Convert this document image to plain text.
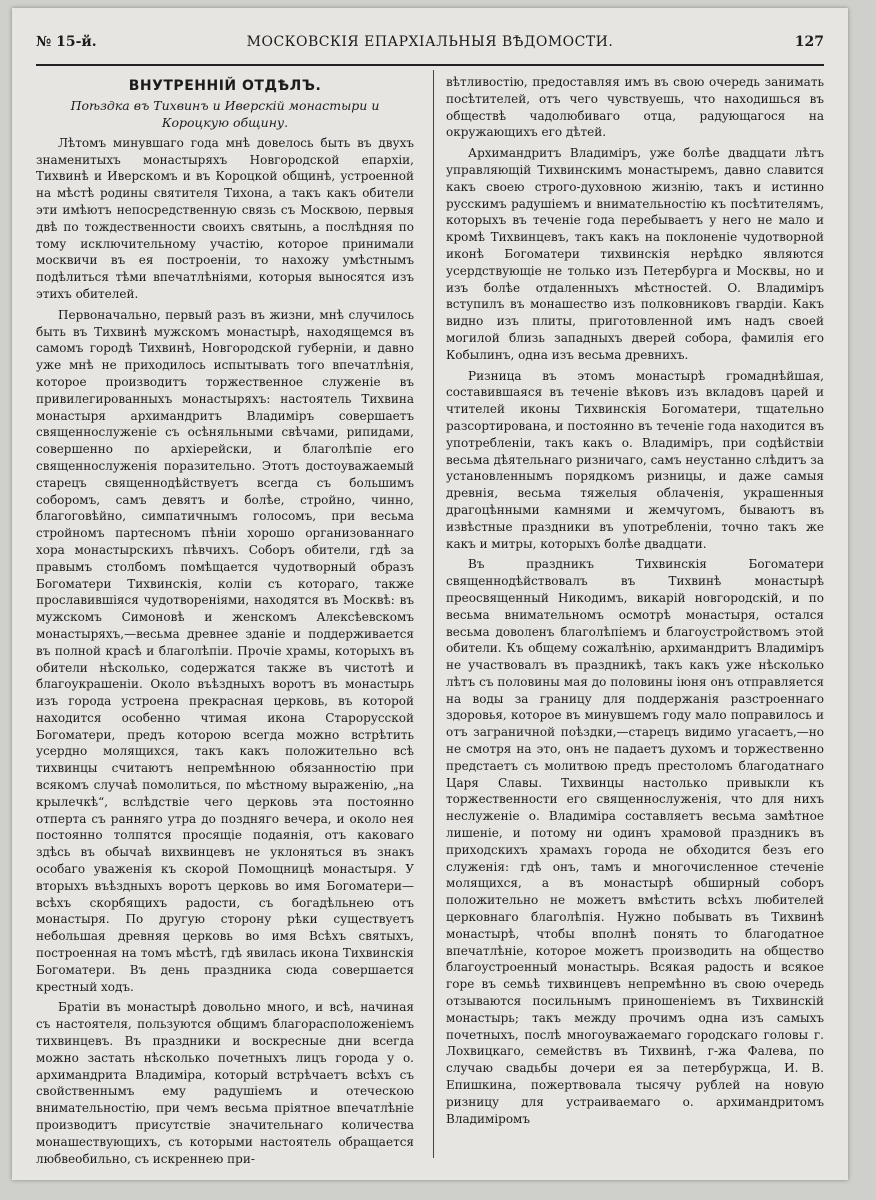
№ 15-й.	МОСКОВСКІЯ ЕПАРХІАЛЬНЫЯ ВѢДОМОСТИ.	127
ВНУТРЕННІЙ ОТДѢЛЪ.
Поѣздка въ Тихвинъ и Иверскій монастыри и Короцкую общину.

Лѣтомъ минувшаго года мнѣ довелось быть въ двухъ знаменитыхъ монастыряхъ Новгородской епархіи, Тихвинѣ и Иверскомъ и въ Короцкой общинѣ, устроенной на мѣстѣ родины святителя Тихона, а такъ какъ обители эти имѣютъ непосредственную связь съ Москвою, первыя двѣ по тождественности своихъ святынь, а послѣдняя по тому исключительному участію, которое принимали москвичи въ ея построеніи, то нахожу умѣстнымъ подѣлиться тѣми впечатлѣніями, которыя выносятся изъ этихъ обителей.

Первоначально, первый разъ въ жизни, мнѣ случилось быть въ Тихвинѣ мужскомъ монастырѣ, находящемся въ самомъ городѣ Тихвинѣ, Новгородской губерніи, и давно уже мнѣ не приходилось испытывать того впечатлѣнія, которое производитъ торжественное служеніе въ привилегированныхъ монастыряхъ: настоятель Тихвина монастыря архимандритъ Владиміръ совершаетъ священнослуженіе съ осѣняльными свѣчами, рипидами, совершенно по архіерейски, и благолѣпіе его священнослуженія поразительно. Этотъ достоуважаемый старецъ священнодѣйствуетъ всегда съ большимъ соборомъ, самъ девятъ и болѣе, стройно, чинно, благоговѣйно, симпатичнымъ голосомъ, при весьма стройномъ партесномъ пѣніи хорошо организованнаго хора монастырскихъ пѣвчихъ. Соборъ обители, гдѣ за правымъ столбомъ помѣщается чудотворный образъ Богоматери Тихвинскія, коліи съ котораго, также прославившіяся чудотвореніями, находятся въ Москвѣ: въ мужскомъ Симоновѣ и женскомъ Алексѣевскомъ монастыряхъ,—весьма древнее зданіе и поддерживается въ полной красѣ и благолѣпіи. Прочіе храмы, которыхъ въ обители нѣсколько, содержатся также въ чистотѣ и благоукрашеніи. Около въѣздныхъ воротъ въ монастырь изъ города устроена прекрасная церковь, въ которой находится особенно чтимая икона Старорусской Богоматери, предъ которою всегда можно встрѣтить усердно молящихся, такъ какъ положительно всѣ тихвинцы считаютъ непремѣнною обязанностію при всякомъ случаѣ помолиться, по мѣстному выраженію, „на крылечкѣ“, вслѣдствіе чего церковь эта постоянно отперта съ ранняго утра до поздняго вечера, и около нея постоянно толпятся просящіе подаянія, отъ каковаго здѣсь въ обычаѣ вихвинцевъ не уклоняться въ знакъ особаго уваженія къ скорой Помощницѣ монастыря. У вторыхъ въѣздныхъ воротъ церковь во имя Богоматери—всѣхъ скорбящихъ радости, съ богадѣльнею отъ монастыря. По другую сторону рѣки существуетъ небольшая древняя церковь во имя Всѣхъ святыхъ, построенная на томъ мѣстѣ, гдѣ явилась икона Тихвинскія Богоматери. Въ день праздника сюда совершается крестный ходъ.

Братіи въ монастырѣ довольно много, и всѣ, начиная съ настоятеля, пользуются общимъ благорасположеніемъ тихвинцевъ. Въ праздники и воскресные дни всегда можно застать нѣсколько почетныхъ лицъ города у о. архимандрита Владиміра, который встрѣчаетъ всѣхъ съ свойственнымъ ему радушіемъ и отеческою внимательностію, при чемъ весьма пріятное впечатлѣніе производитъ присутствіе значительнаго количества монашествующихъ, съ которыми настоятель обращается любвеобильно, съ искреннею при-

вѣтливостію, предоставляя имъ въ свою очередь занимать посѣтителей, отъ чего чувствуешь, что находишься въ обществѣ чадолюбиваго отца, радующагося на окружающихъ его дѣтей.

Архимандритъ Владиміръ, уже болѣе двадцати лѣтъ управляющій Тихвинскимъ монастыремъ, давно славится какъ своею строго-духовною жизнію, такъ и истинно русскимъ радушіемъ и внимательностію къ посѣтителямъ, которыхъ въ теченіе года перебываетъ у него не мало и кромѣ Тихвинцевъ, такъ какъ на поклоненіе чудотворной иконѣ Богоматери тихвинскія нерѣдко являются усердствующіе не только изъ Петербурга и Москвы, но и изъ болѣе отдаленныхъ мѣстностей. О. Владиміръ вступилъ въ монашество изъ полковниковъ гвардіи. Какъ видно изъ плиты, приготовленной имъ надъ своей могилой близь западныхъ дверей собора, фамилія его Кобылинъ, одна изъ весьма древнихъ.

Ризница въ этомъ монастырѣ громаднѣйшая, составившаяся въ теченіе вѣковъ изъ вкладовъ царей и чтителей иконы Тихвинскія Богоматери, тщательно разсортирована, и постоянно въ теченіе года находится въ употребленіи, такъ какъ о. Владиміръ, при содѣйствіи весьма дѣятельнаго ризничаго, самъ неустанно слѣдитъ за установленнымъ порядкомъ ризницы, и даже самыя древнія, весьма тяжелыя облаченія, украшенныя драгоцѣнными камнями и жемчугомъ, бываютъ въ извѣстные праздники въ употребленіи, точно такъ же какъ и митры, которыхъ болѣе двадцати.

Въ праздникъ Тихвинскія Богоматери священнодѣйствовалъ въ Тихвинѣ монастырѣ преосвященный Никодимъ, викарій новгородскій, и по весьма внимательномъ осмотрѣ монастыря, остался весьма доволенъ благолѣпіемъ и благоустройствомъ этой обители. Къ общему сожалѣнію, архимандритъ Владиміръ не участвовалъ въ праздникѣ, такъ какъ уже нѣсколько лѣтъ съ половины мая до половины іюня онъ отправляется на воды за границу для поддержанія разстроеннаго здоровья, которое въ минувшемъ году мало поправилось и отъ заграничной поѣздки,—старецъ видимо угасаетъ,—но не смотря на это, онъ не падаетъ духомъ и торжественно предстаетъ съ молитвою предъ престоломъ благодатнаго Царя Славы. Тихвинцы настолько привыкли къ торжественности его священнослуженія, что для нихъ неслуженіе о. Владиміра составляетъ весьма замѣтное лишеніе, и потому ни одинъ храмовой праздникъ въ приходскихъ храмахъ города не обходится безъ его служенія: гдѣ онъ, тамъ и многочисленное стеченіе молящихся, а въ монастырѣ обширный соборъ положительно не можетъ вмѣстить всѣхъ любителей церковнаго благолѣпія. Нужно побывать въ Тихвинѣ монастырѣ, чтобы вполнѣ понять то благодатное впечатлѣніе, которое можетъ производить на общество благоустроенный монастырь. Всякая радость и всякое горе въ семьѣ тихвинцевъ непремѣнно въ свою очередь отзываются посильнымъ приношеніемъ въ Тихвинскій монастырь; такъ между прочимъ одна изъ самыхъ почетныхъ, послѣ многоуважаемаго городскаго головы г. Лохвицкаго, семействъ въ Тихвинѣ, г-жа Фалева, по случаю свадьбы дочери ея за петербуржца, И. В. Епишкина, пожертвовала тысячу рублей на новую ризницу для устраиваемаго о. архимандритомъ Владиміромъ
